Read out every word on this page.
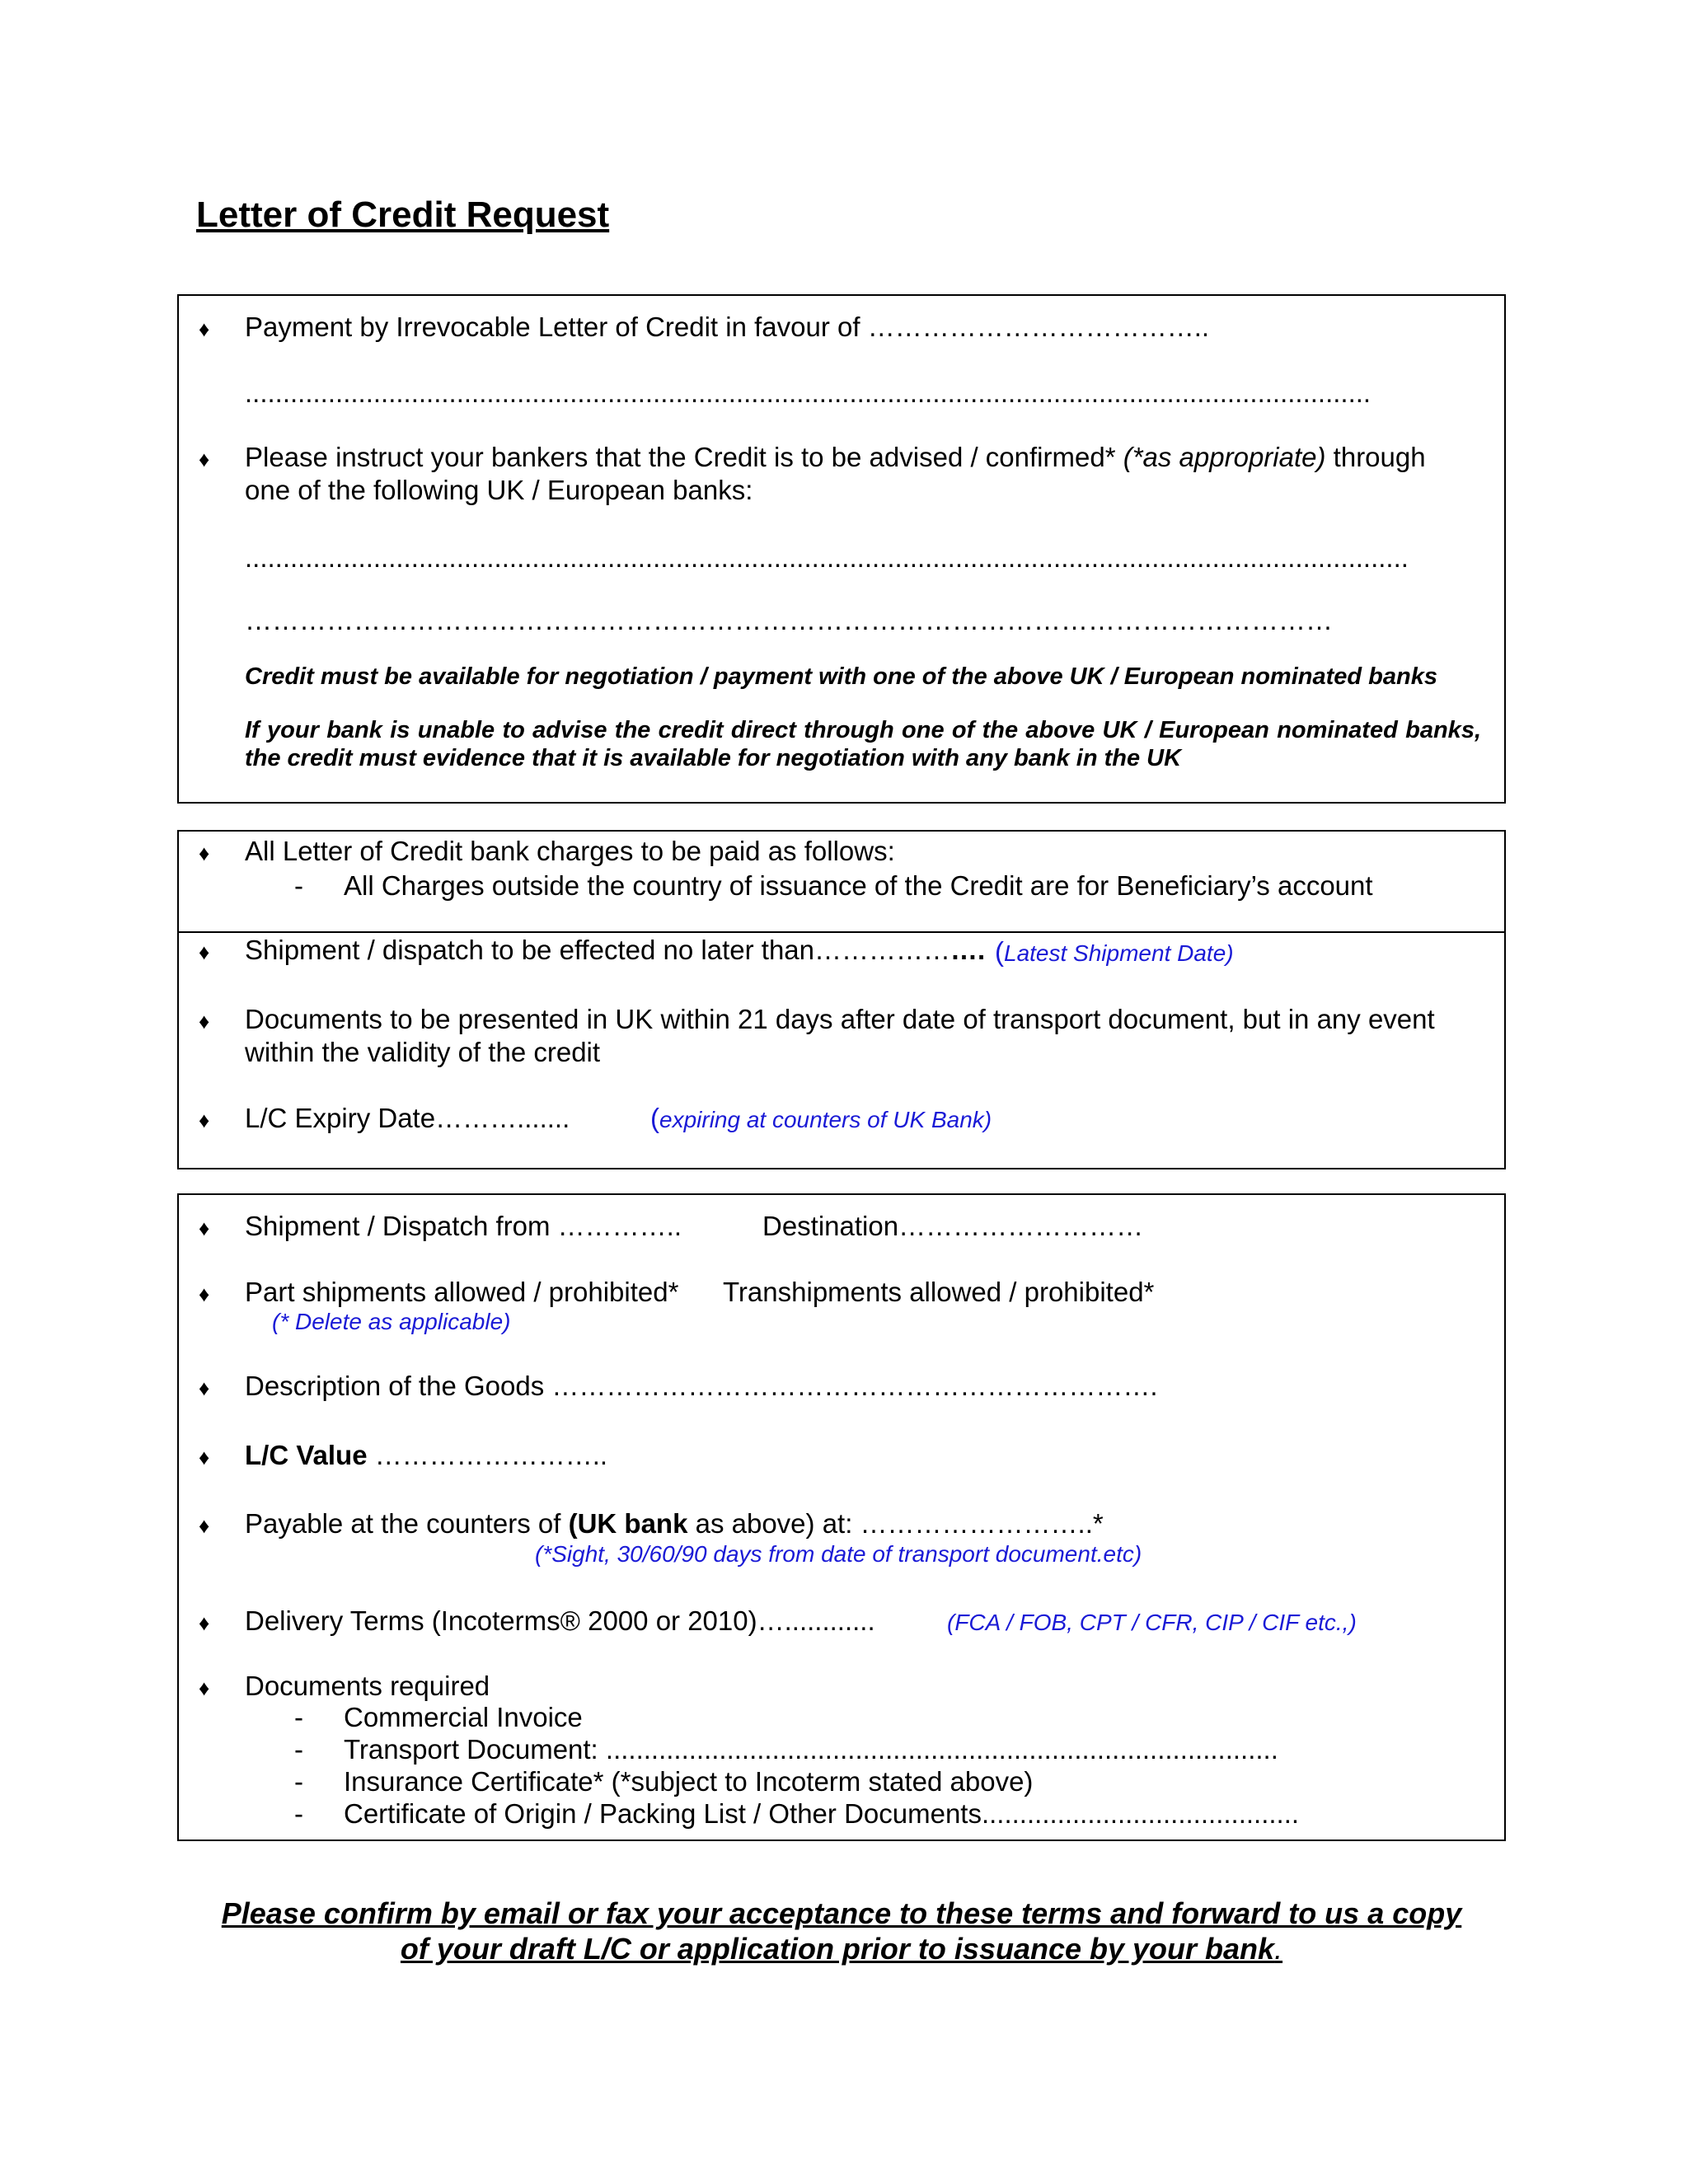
Letter of Credit Request
♦ Payment by Irrevocable Letter of Credit in favour of ………………………………..
.....................................................................................................................................................
♦ Please instruct your bankers that the Credit is to be advised / confirmed* (*as appropriate) through
one of the following UK / European banks:
..........................................................................................................................................................
…………………………………………………………………………………………………………
Credit must be available for negotiation / payment with one of the above UK / European nominated banks
If your bank is unable to advise the credit direct through one of the above UK / European nominated banks, the credit must evidence that it is available for negotiation with any bank in the UK
♦ All Letter of Credit bank charges to be paid as follows:
- All Charges outside the country of issuance of the Credit are for Beneficiary’s account
♦ Shipment / dispatch to be effected no later than………………. (Latest Shipment Date)
♦ Documents to be presented in UK within 21 days after date of transport document, but in any event within the validity of the credit
♦ L/C Expiry Date……….......	(expiring at counters of UK Bank)
♦ Shipment / Dispatch from …………..	Destination………………………
♦ Part shipments allowed / prohibited* Transhipments allowed / prohibited*
(* Delete as applicable)
♦ Description of the Goods ………………………………………………………….
♦ L/C Value ……………………..
♦ Payable at the counters of (UK bank as above) at: ……………………..*
(*Sight, 30/60/90 days from date of transport document.etc)
♦ Delivery Terms (Incoterms® 2000 or 2010)…............	(FCA / FOB, CPT / CFR, CIP / CIF etc.,)
♦ Documents required
- Commercial Invoice
- Transport Document: .........................................................................................
- Insurance Certificate* (*subject to Incoterm stated above)
- Certificate of Origin / Packing List / Other Documents..........................................
Please confirm by email or fax your acceptance to these terms and forward to us a copy
of your draft L/C or application prior to issuance by your bank.
